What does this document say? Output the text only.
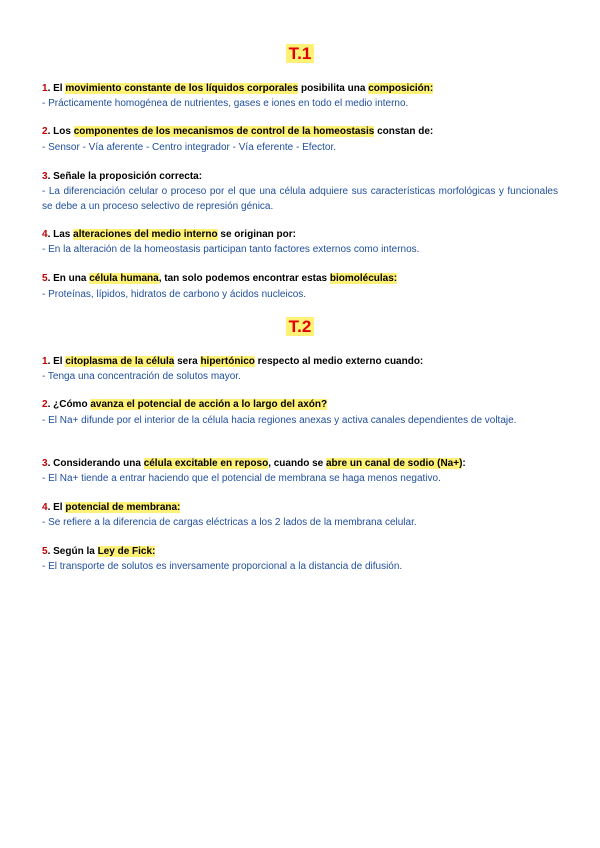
T.1
1. El movimiento constante de los líquidos corporales posibilita una composición:
- Prácticamente homogénea de nutrientes, gases e iones en todo el medio interno.
2. Los componentes de los mecanismos de control de la homeostasis constan de:
- Sensor - Vía aferente - Centro integrador - Vía eferente - Efector.
3. Señale la proposición correcta:
- La diferenciación celular o proceso por el que una célula adquiere sus características morfológicas y funcionales se debe a un proceso selectivo de represión génica.
4. Las alteraciones del medio interno se originan por:
- En la alteración de la homeostasis participan tanto factores externos como internos.
5. En una célula humana, tan solo podemos encontrar estas biomoléculas:
- Proteínas, lípidos, hidratos de carbono y ácidos nucleicos.
T.2
1. El citoplasma de la célula sera hipertónico respecto al medio externo cuando:
- Tenga una concentración de solutos mayor.
2. ¿Cómo avanza el potencial de acción a lo largo del axón?
- El Na+ difunde por el interior de la célula hacia regiones anexas y activa canales dependientes de voltaje.
3. Considerando una célula excitable en reposo, cuando se abre un canal de sodio (Na+):
- El Na+ tiende a entrar haciendo que el potencial de membrana se haga menos negativo.
4. El potencial de membrana:
- Se refiere a la diferencia de cargas eléctricas a los 2 lados de la membrana celular.
5. Según la Ley de Fick:
- El transporte de solutos es inversamente proporcional a la distancia de difusión.
